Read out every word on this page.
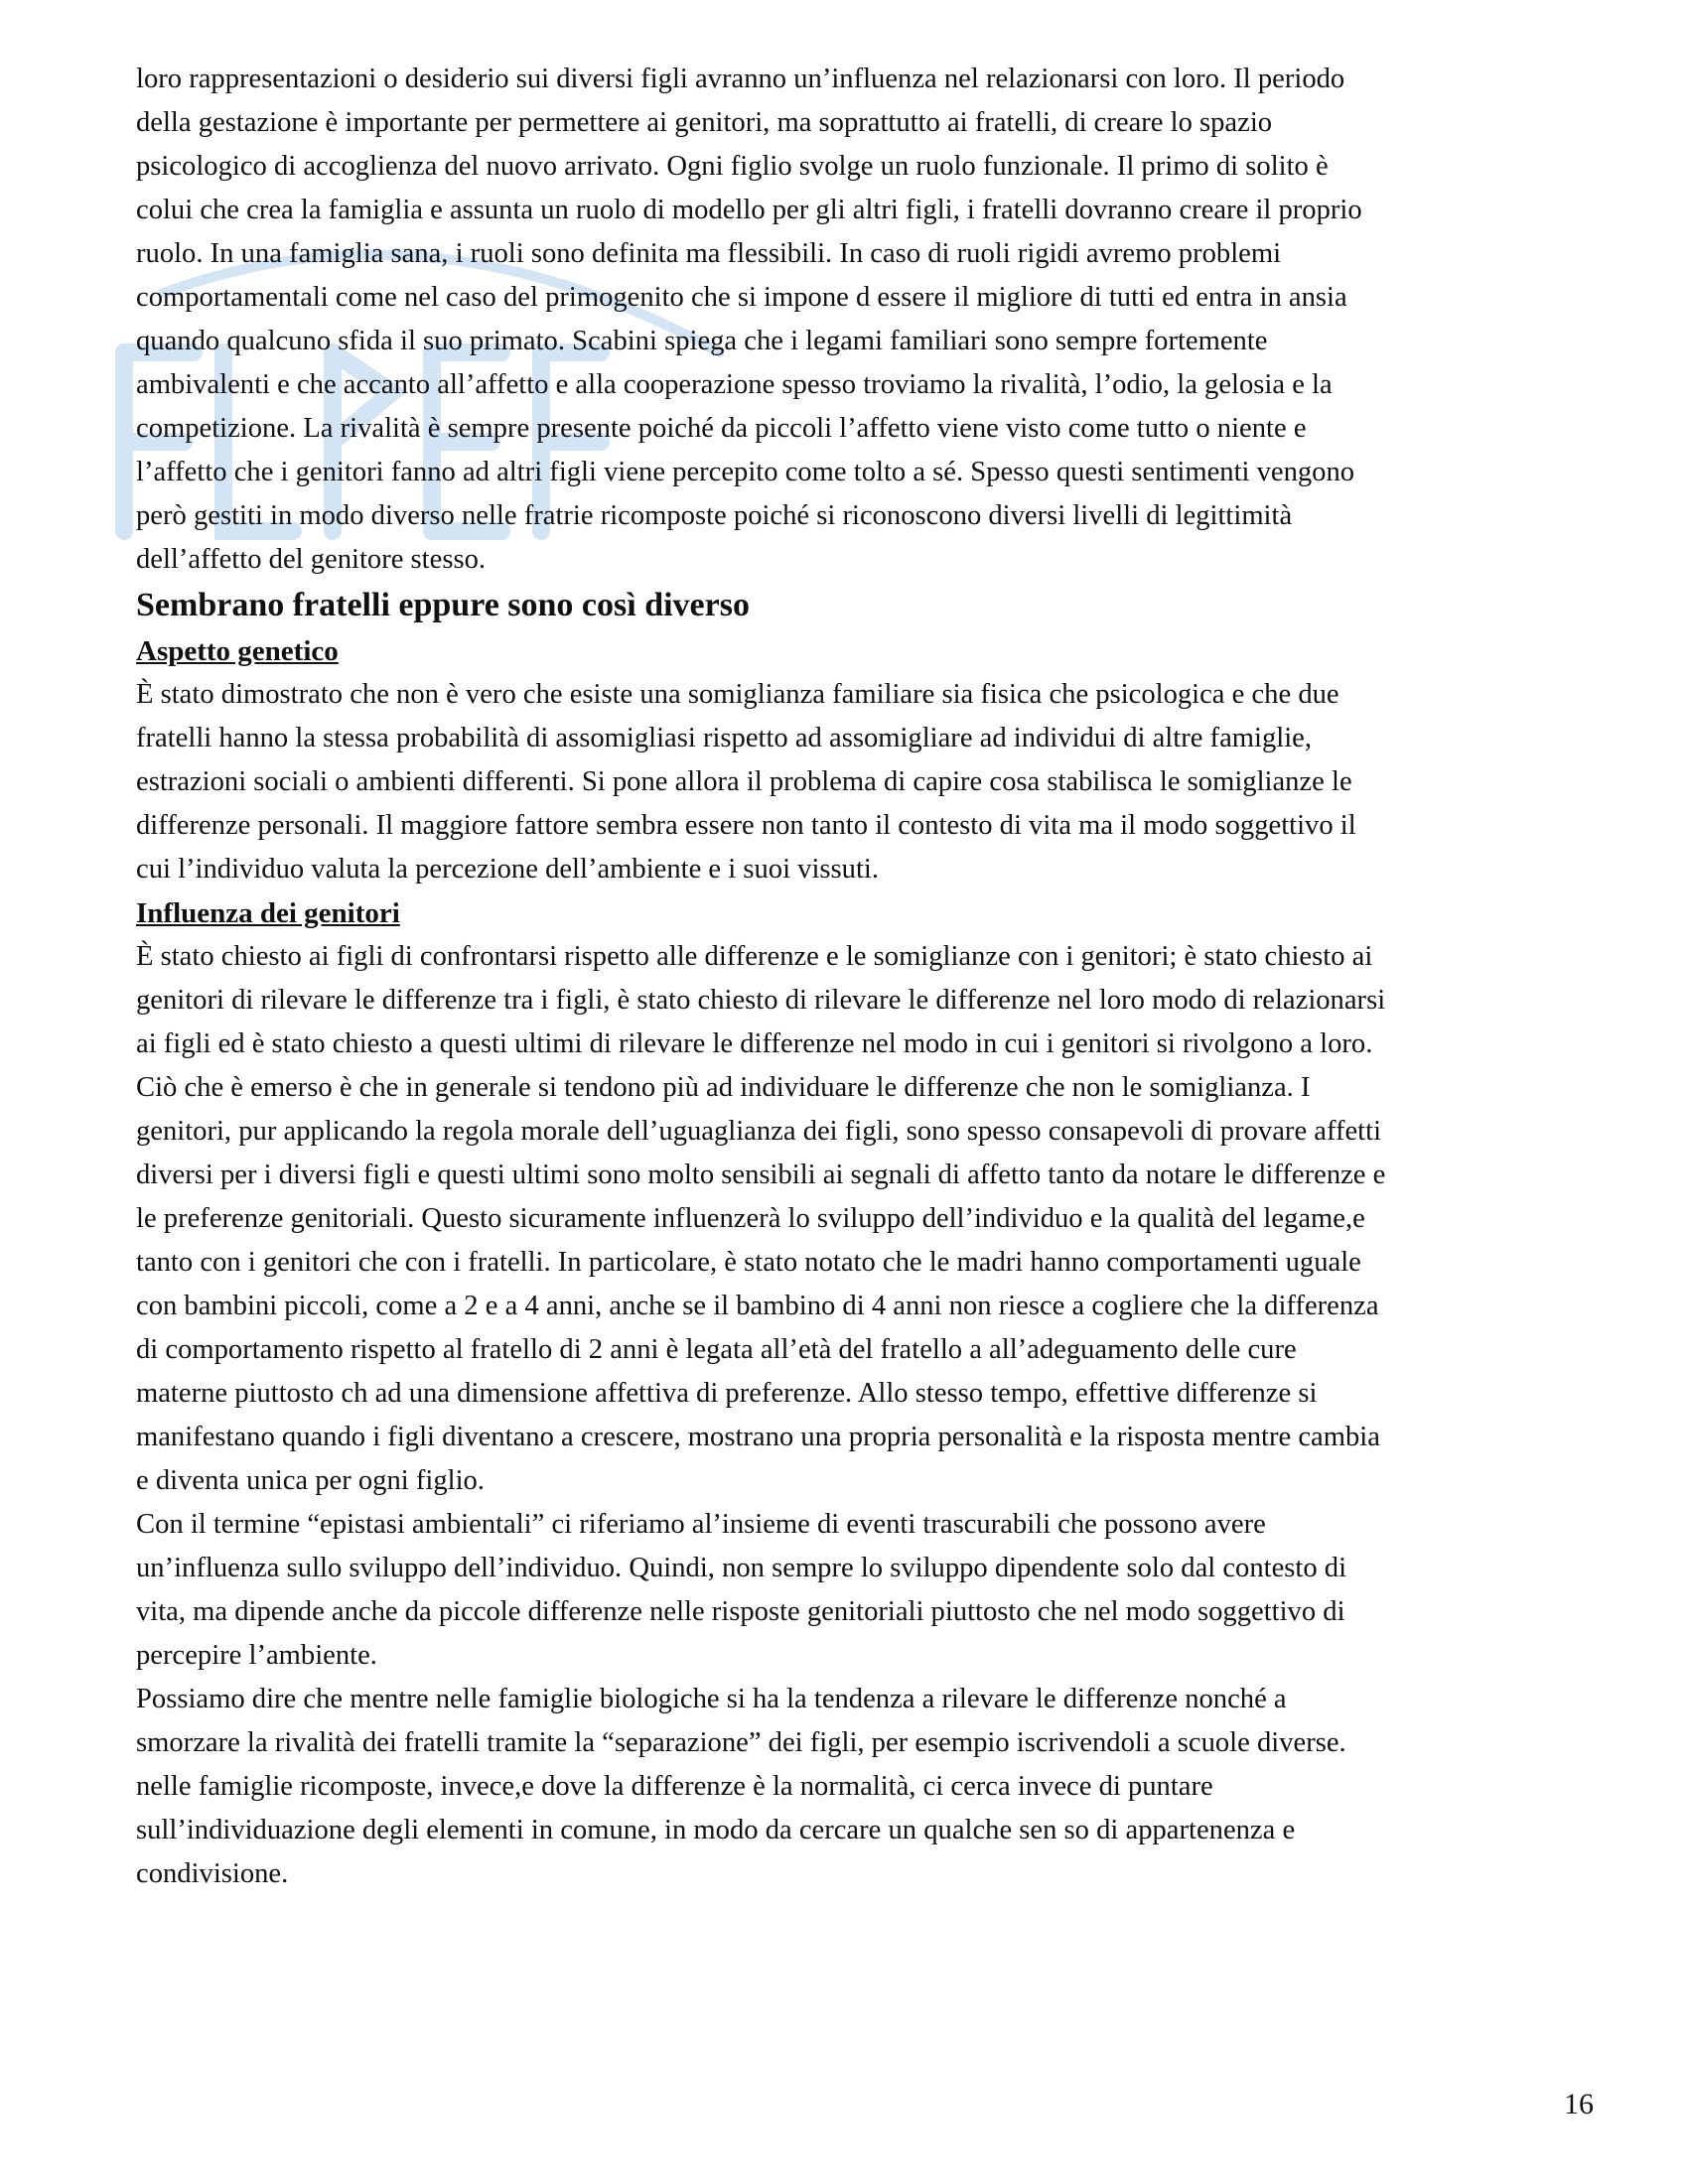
loro rappresentazioni o desiderio sui diversi figli avranno un’influenza nel relazionarsi con loro. Il periodo
della gestazione è importante per permettere ai genitori, ma soprattutto ai fratelli, di creare lo spazio
psicologico di accoglienza del nuovo arrivato. Ogni figlio svolge un ruolo funzionale. Il primo di solito è
colui che crea la famiglia e assunta un ruolo di modello per gli altri figli, i fratelli dovranno creare il proprio
ruolo. In una famiglia sana, i ruoli sono definita ma flessibili. In caso di ruoli rigidi avremo problemi
comportamentali come nel caso del primogenito che si impone d essere il migliore di tutti ed entra in ansia
quando qualcuno sfida il suo primato. Scabini spiega che i legami familiari sono sempre fortemente
ambivalenti e che accanto all’affetto e alla cooperazione spesso troviamo la rivalità, l’odio, la gelosia e la
competizione. La rivalità è sempre presente poiché da piccoli l’affetto viene visto come tutto o niente e
l’affetto che i genitori fanno ad altri figli viene percepito come tolto a sé. Spesso questi sentimenti vengono
però gestiti in modo diverso nelle fratrie ricomposte poiché si riconoscono diversi livelli di legittimità
dell’affetto del genitore stesso.

Sembrano fratelli eppure sono così diverso
Aspetto genetico

È stato dimostrato che non è vero che esiste una somiglianza familiare sia fisica che psicologica e che due
fratelli hanno la stessa probabilità di assomigliasi rispetto ad assomigliare ad individui di altre famiglie,
estrazioni sociali o ambienti differenti. Si pone allora il problema di capire cosa stabilisca le somiglianze le
differenze personali. Il maggiore fattore sembra essere non tanto il contesto di vita ma il modo soggettivo il
cui l’individuo valuta la percezione dell’ambiente e i suoi vissuti.

Influenza dei genitori

È stato chiesto ai figli di confrontarsi rispetto alle differenze e le somiglianze con i genitori; è stato chiesto ai
genitori di rilevare le differenze tra i figli, è stato chiesto di rilevare le differenze nel loro modo di relazionarsi
ai figli ed è stato chiesto a questi ultimi di rilevare le differenze nel modo in cui i genitori si rivolgono a loro.
Ciò che è emerso è che in generale si tendono più ad individuare le differenze che non le somiglianza. I
genitori, pur applicando la regola morale dell’uguaglianza dei figli, sono spesso consapevoli di provare affetti
diversi per i diversi figli e questi ultimi sono molto sensibili ai segnali di affetto tanto da notare le differenze e
le preferenze genitoriali. Questo sicuramente influenzerà lo sviluppo dell’individuo e la qualità del legame,e
tanto con i genitori che con i fratelli. In particolare, è stato notato che le madri hanno comportamenti uguale
con bambini piccoli, come a 2 e a 4 anni, anche se il bambino di 4 anni non riesce a cogliere che la differenza
di comportamento rispetto al fratello di 2 anni è legata all’età del fratello a all’adeguamento delle cure
materne piuttosto ch ad una dimensione affettiva di preferenze. Allo stesso tempo, effettive differenze si
manifestano quando i figli diventano a crescere, mostrano una propria personalità e la risposta mentre cambia
e diventa unica per ogni figlio.

Con il termine “epistasi ambientali” ci riferiamo al’insieme di eventi trascurabili che possono avere
un’influenza sullo sviluppo dell’individuo. Quindi, non sempre lo sviluppo dipendente solo dal contesto di
vita, ma dipende anche da piccole differenze nelle risposte genitoriali piuttosto che nel modo soggettivo di
percepire l’ambiente.

Possiamo dire che mentre nelle famiglie biologiche si ha la tendenza a rilevare le differenze nonché a
smorzare la rivalità dei fratelli tramite la “separazione” dei figli, per esempio iscrivendoli a scuole diverse.
nelle famiglie ricomposte, invece,e dove la differenze è la normalità, ci cerca invece di puntare
sull’individuazione degli elementi in comune, in modo da cercare un qualche sen so di appartenenza e
condivisione.

16
